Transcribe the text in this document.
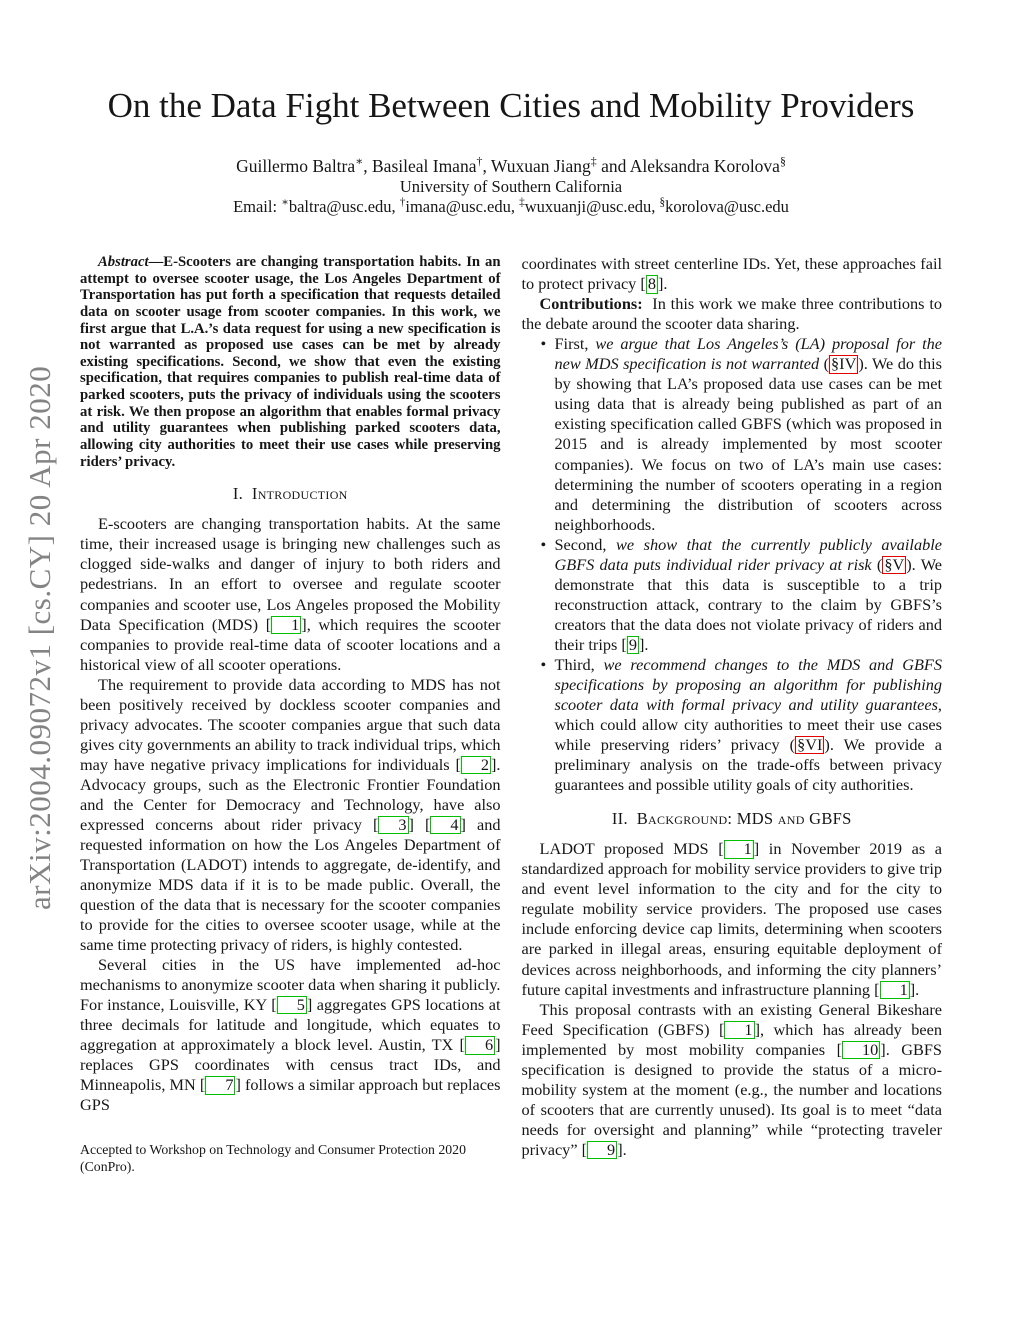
arXiv:2004.09072v1 [cs.CY] 20 Apr 2020
On the Data Fight Between Cities and Mobility Providers
Guillermo Baltra∗, Basileal Imana†, Wuxuan Jiang‡ and Aleksandra Korolova§
University of Southern California
Email: ∗baltra@usc.edu, †imana@usc.edu, ‡wuxuanji@usc.edu, §korolova@usc.edu

Abstract—E-Scooters are changing transportation habits. In an attempt to oversee scooter usage, the Los Angeles Department of Transportation has put forth a specification that requests detailed data on scooter usage from scooter companies. In this work, we first argue that L.A.’s data request for using a new specification is not warranted as proposed use cases can be met by already existing specifications. Second, we show that even the existing specification, that requires companies to publish real-time data of parked scooters, puts the privacy of individuals using the scooters at risk. We then propose an algorithm that enables formal privacy and utility guarantees when publishing parked scooters data, allowing city authorities to meet their use cases while preserving riders’ privacy.

I.  Introduction

E-scooters are changing transportation habits. At the same time, their increased usage is bringing new challenges such as clogged side-walks and danger of injury to both riders and pedestrians. In an effort to oversee and regulate scooter companies and scooter use, Los Angeles proposed the Mobility Data Specification (MDS) [ 1 ], which requires the scooter companies to provide real-time data of scooter locations and a historical view of all scooter operations.

The requirement to provide data according to MDS has not been positively received by dockless scooter companies and privacy advocates. The scooter companies argue that such data gives city governments an ability to track individual trips, which may have negative privacy implications for individuals [ 2 ]. Advocacy groups, such as the Electronic Frontier Foundation and the Center for Democracy and Technology, have also expressed concerns about rider privacy [ 3 ] [ 4 ] and requested information on how the Los Angeles Department of Transportation (LADOT) intends to aggregate, de-identify, and anonymize MDS data if it is to be made public. Overall, the question of the data that is necessary for the scooter companies to provide for the cities to oversee scooter usage, while at the same time protecting privacy of riders, is highly contested.

Several cities in the US have implemented ad-hoc mechanisms to anonymize scooter data when sharing it publicly. For instance, Louisville, KY [ 5 ] aggregates GPS locations at three decimals for latitude and longitude, which equates to aggregation at approximately a block level. Austin, TX [ 6 ] replaces GPS coordinates with census tract IDs, and Minneapolis, MN [ 7 ] follows a similar approach but replaces GPS

Accepted to Workshop on Technology and Consumer Protection 2020 (ConPro).

coordinates with street centerline IDs. Yet, these approaches fail to protect privacy [ 8 ].

Contributions:  In this work we make three contributions to the debate around the scooter data sharing.

• First, we argue that Los Angeles’s (LA) proposal for the new MDS specification is not warranted ( §IV ). We do this by showing that LA’s proposed data use cases can be met using data that is already being published as part of an existing specification called GBFS (which was proposed in 2015 and is already implemented by most scooter companies). We focus on two of LA’s main use cases: determining the number of scooters operating in a region and determining the distribution of scooters across neighborhoods.
• Second, we show that the currently publicly available GBFS data puts individual rider privacy at risk ( §V ). We demonstrate that this data is susceptible to a trip reconstruction attack, contrary to the claim by GBFS’s creators that the data does not violate privacy of riders and their trips [ 9 ].
• Third, we recommend changes to the MDS and GBFS specifications by proposing an algorithm for publishing scooter data with formal privacy and utility guarantees, which could allow city authorities to meet their use cases while preserving riders’ privacy ( §VI ). We provide a preliminary analysis on the trade-offs between privacy guarantees and possible utility goals of city authorities.
II.  Background: MDS and GBFS

LADOT proposed MDS [ 1 ] in November 2019 as a standardized approach for mobility service providers to give trip and event level information to the city and for the city to regulate mobility service providers. The proposed use cases include enforcing device cap limits, determining when scooters are parked in illegal areas, ensuring equitable deployment of devices across neighborhoods, and informing the city planners’ future capital investments and infrastructure planning [ 1 ].

This proposal contrasts with an existing General Bikeshare Feed Specification (GBFS) [ 1 ], which has already been implemented by most mobility companies [ 10 ]. GBFS specification is designed to provide the status of a micro-mobility system at the moment (e.g., the number and locations of scooters that are currently unused). Its goal is to meet “data needs for oversight and planning” while “protecting traveler privacy” [ 9 ].
